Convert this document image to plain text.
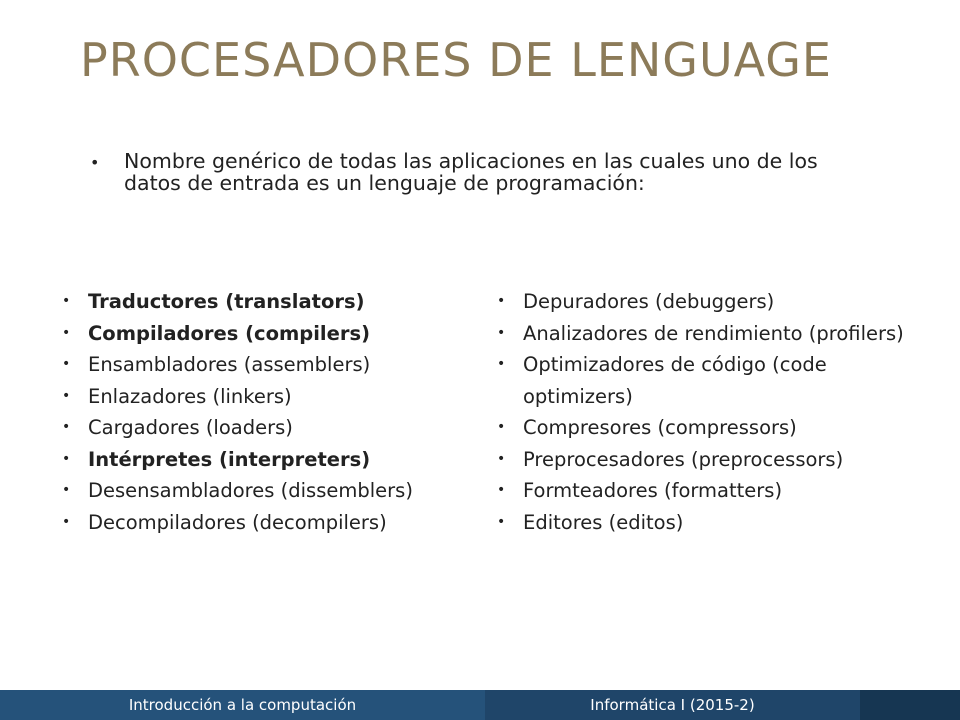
PROCESADORES DE LENGUAGE
•	Nombre genérico de todas las aplicaciones en las cuales uno de los datos de entrada es un lenguaje de programación:
• Traductores (translators)
• Compiladores (compilers)
• Ensambladores (assemblers)
• Enlazadores (linkers)
• Cargadores (loaders)
• Intérpretes (interpreters)
• Desensambladores (dissemblers)
• Decompiladores (decompilers)
• Depuradores (debuggers)
• Analizadores de rendimiento (profilers)
• Optimizadores de código (code optimizers)
• Compresores (compressors)
• Preprocesadores (preprocessors)
• Formteadores (formatters)
• Editores (editos)
Introducción a la computación	Informática I (2015-2)
